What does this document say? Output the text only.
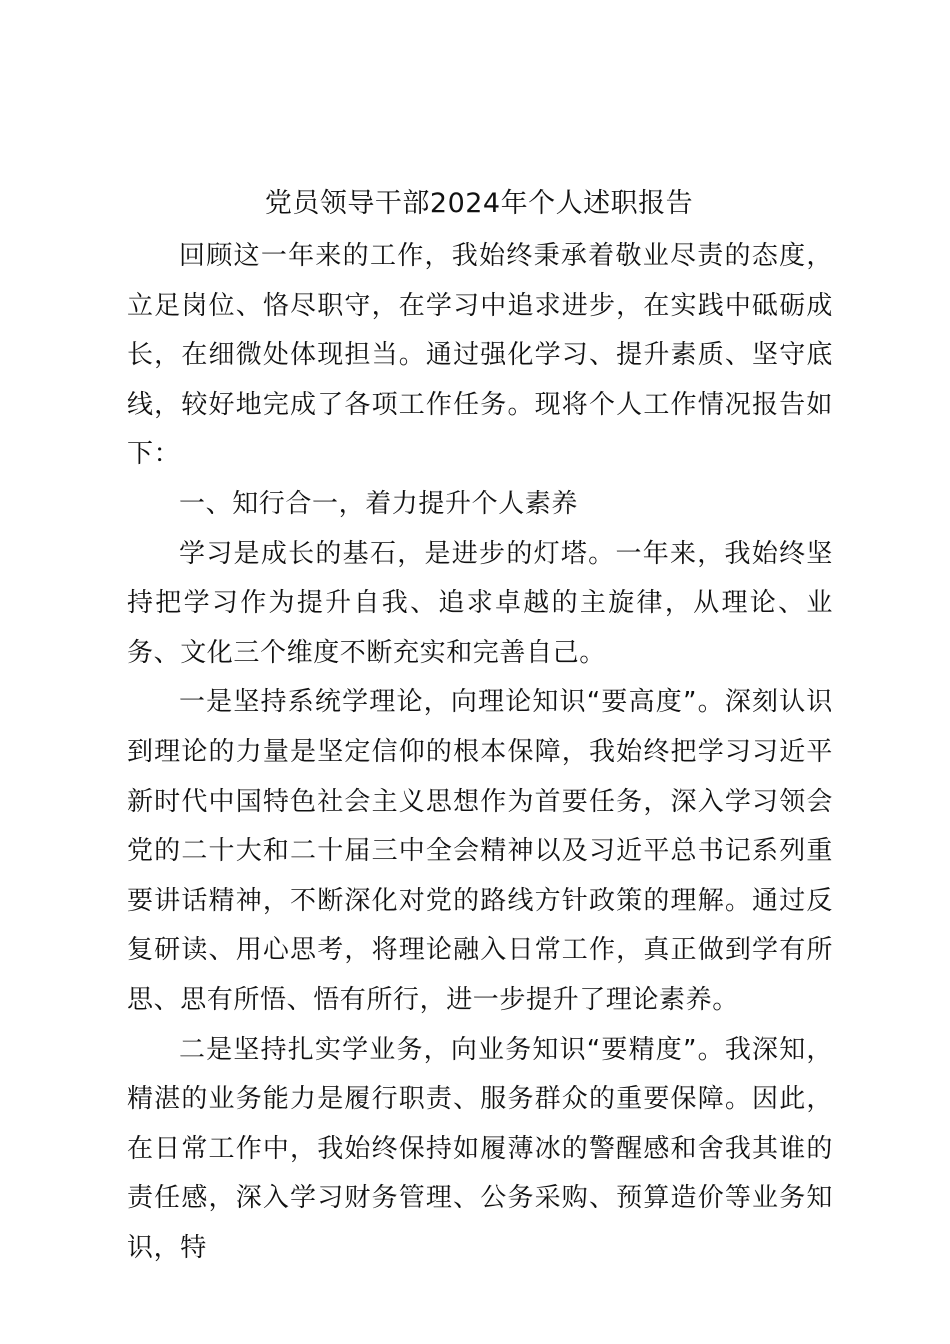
党员领导干部2024年个人述职报告

回顾这一年来的工作，我始终秉承着敬业尽责的态度，立足岗位、恪尽职守，在学习中追求进步，在实践中砥砺成长，在细微处体现担当。通过强化学习、提升素质、坚守底线，较好地完成了各项工作任务。现将个人工作情况报告如下：

一、知行合一，着力提升个人素养

学习是成长的基石，是进步的灯塔。一年来，我始终坚持把学习作为提升自我、追求卓越的主旋律，从理论、业务、文化三个维度不断充实和完善自己。

一是坚持系统学理论，向理论知识“要高度”。深刻认识到理论的力量是坚定信仰的根本保障，我始终把学习习近平新时代中国特色社会主义思想作为首要任务，深入学习领会党的二十大和二十届三中全会精神以及习近平总书记系列重要讲话精神，不断深化对党的路线方针政策的理解。通过反复研读、用心思考，将理论融入日常工作，真正做到学有所思、思有所悟、悟有所行，进一步提升了理论素养。

二是坚持扎实学业务，向业务知识“要精度”。我深知，精湛的业务能力是履行职责、服务群众的重要保障。因此，在日常工作中，我始终保持如履薄冰的警醒感和舍我其谁的责任感，深入学习财务管理、公务采购、预算造价等业务知识，特
